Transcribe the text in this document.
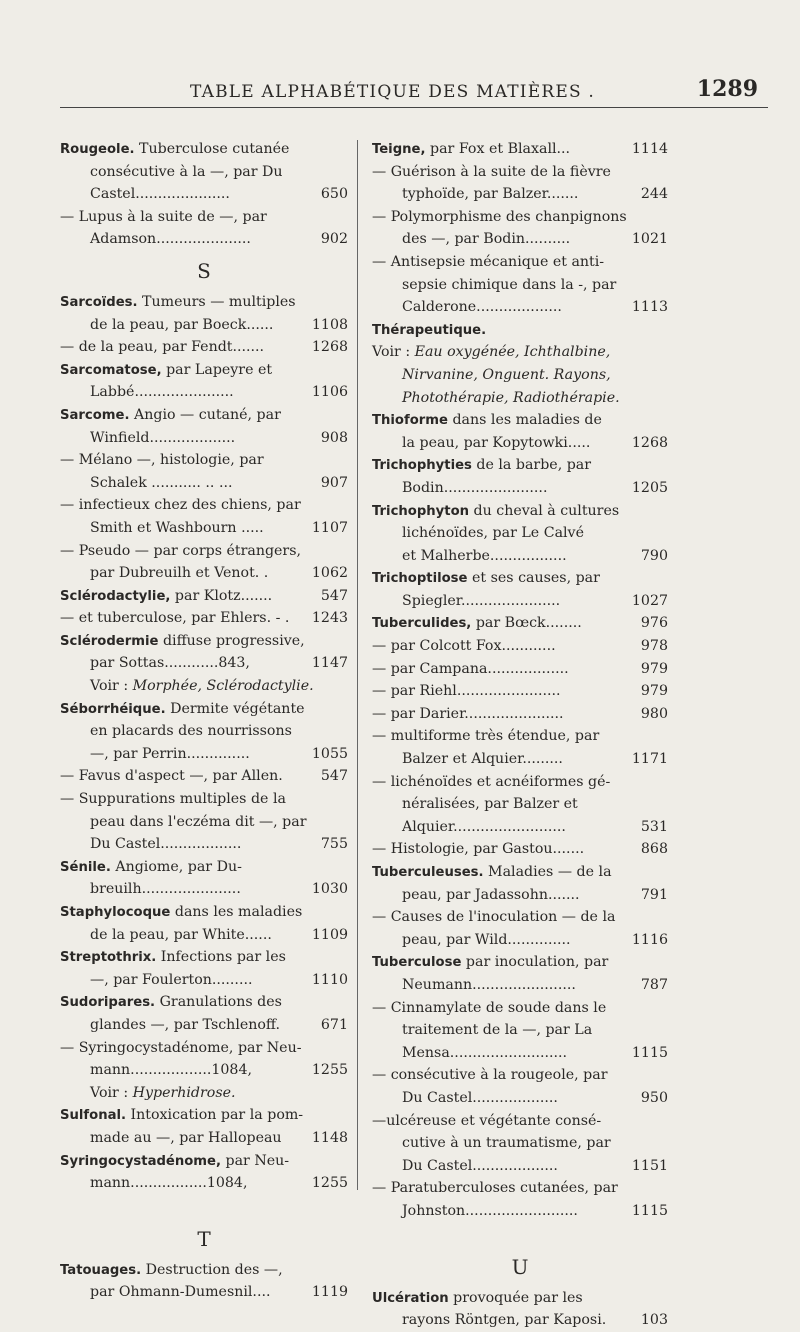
TABLE ALPHABÉTIQUE DES MATIÈRES .	1289
Rougeole. Tuberculose cutanée
consécutive à la —, par Du
Castel.....................	650
— Lupus à la suite de —, par
Adamson.....................	902
S
Sarcoïdes. Tumeurs — multiples
de la peau, par Boeck......	1108
— de la peau, par Fendt.......	1268
Sarcomatose, par Lapeyre et
Labbé......................	1106
Sarcome. Angio — cutané, par
Winfield...................	908
— Mélano —, histologie, par
Schalek ........... .. ...	907
— infectieux chez des chiens, par
Smith et Washbourn .....	1107
— Pseudo — par corps étrangers,
par Dubreuilh et Venot. .	1062
Sclérodactylie, par Klotz.......	547
— et tuberculose, par Ehlers. - . 1243
Sclérodermie diffuse progressive,
par Sottas............843,	1147
Voir : Morphée, Sclérodactylie.
Séborrhéique. Dermite végétante
en placards des nourrissons
—, par Perrin..............	1055
— Favus d'aspect —, par Allen.	547
— Suppurations multiples de la
peau dans l'eczéma dit —, par
Du Castel..................	755
Sénile. Angiome, par Du-
breuilh......................	1030
Staphylocoque dans les maladies
de la peau, par White......	1109
Streptothrix. Infections par les
—, par Foulerton.........	1110
Sudoripares. Granulations des
glandes —, par Tschlenoff.	671
— Syringocystadénome, par Neu-
mann..................1084,	1255
Voir : Hyperhidrose.
Sulfonal. Intoxication par la pom-
made au —, par Hallopeau 1148
Syringocystadénome, par Neu-
mann.................1084,	1255
T
Tatouages. Destruction des —,
par Ohmann-Dumesnil....	1119
Teigne, par Fox et Blaxall...	1114
— Guérison à la suite de la fièvre
typhoïde, par Balzer.......	244
— Polymorphisme des chanpignons
des —, par Bodin..........	1021
— Antisepsie mécanique et anti-
sepsie chimique dans la -, par
Calderone...................	1113
Thérapeutique.
Voir : Eau oxygénée, Ichthalbine,
Nirvanine, Onguent. Rayons,
Photothérapie, Radiothérapie.
Thioforme dans les maladies de
la peau, par Kopytowki.....	1268
Trichophyties de la barbe, par
Bodin.......................	1205
Trichophyton du cheval à cultures
lichénoïdes, par Le Calvé
et Malherbe.................	790
Trichoptilose et ses causes, par
Spiegler......................	1027
Tuberculides, par Bœck........	976
— par Colcott Fox............	978
— par Campana..................	979
— par Riehl.......................	979
— par Darier......................	980
— multiforme très étendue, par
Balzer et Alquier.........	1171
— lichénoïdes et acnéiformes gé-
néralisées, par Balzer et
Alquier.........................	531
— Histologie, par Gastou.......	868
Tuberculeuses. Maladies — de la
peau, par Jadassohn.......	791
— Causes de l'inoculation — de la
peau, par Wild..............	1116
Tuberculose par inoculation, par
Neumann.......................	787
— Cinnamylate de soude dans le
traitement de la —, par La
Mensa..........................	1115
— consécutive à la rougeole, par
Du Castel...................	950
—ulcéreuse et végétante consé-
cutive à un traumatisme, par
Du Castel...................	1151
— Paratuberculoses cutanées, par
Johnston.........................	1115
U
Ulcération provoquée par les
rayons Röntgen, par Kaposi. 103
